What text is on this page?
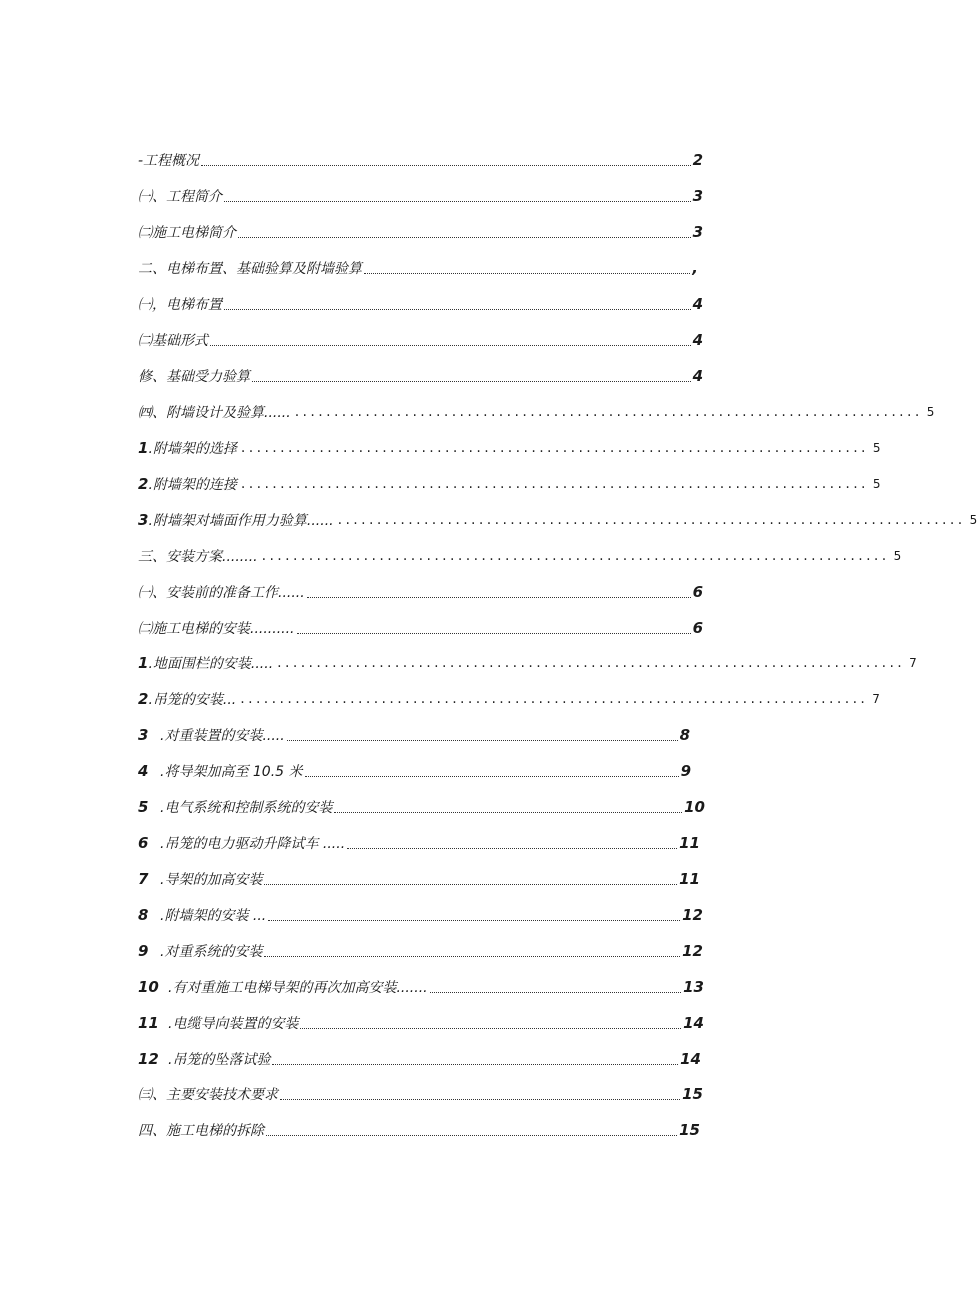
-工程概况	2
㈠、工程简介	3
㈡施工电梯简介	3
二、电梯布置、基础验算及附墙验算	,
㈠，电梯布置	4
㈡基础形式	4
修、基础受力验算	4
㈣、附墙设计及验算...... ................................................................................ 5
1 .附墙架的选择 ................................................................................ 5
2 .附墙架的连接 ................................................................................ 5
3 .附墙架对墙面作用力验算...... ................................................................................ 5
三、安装方案........ ................................................................................ 5
㈠、安装前的准备工作......	6
㈡施工电梯的安装..........	6
1 .地面围栏的安装..... ................................................................................ 7
2 .吊笼的安装... ................................................................................ 7
3 .对重装置的安装.....	8
4 .将导架加高至 10.5 米	9
5 .电气系统和控制系统的安装	10
6 .吊笼的电力驱动升降试车 .....	11
7 .导架的加高安装	11
8 .附墙架的安装 ...	12
9 .对重系统的安装	12
10 .有对重施工电梯导架的再次加高安装.......	13
11 .电缆导向装置的安装	14
12 .吊笼的坠落试验	14
㈢、主要安装技术要求	15
四、施工电梯的拆除	15
